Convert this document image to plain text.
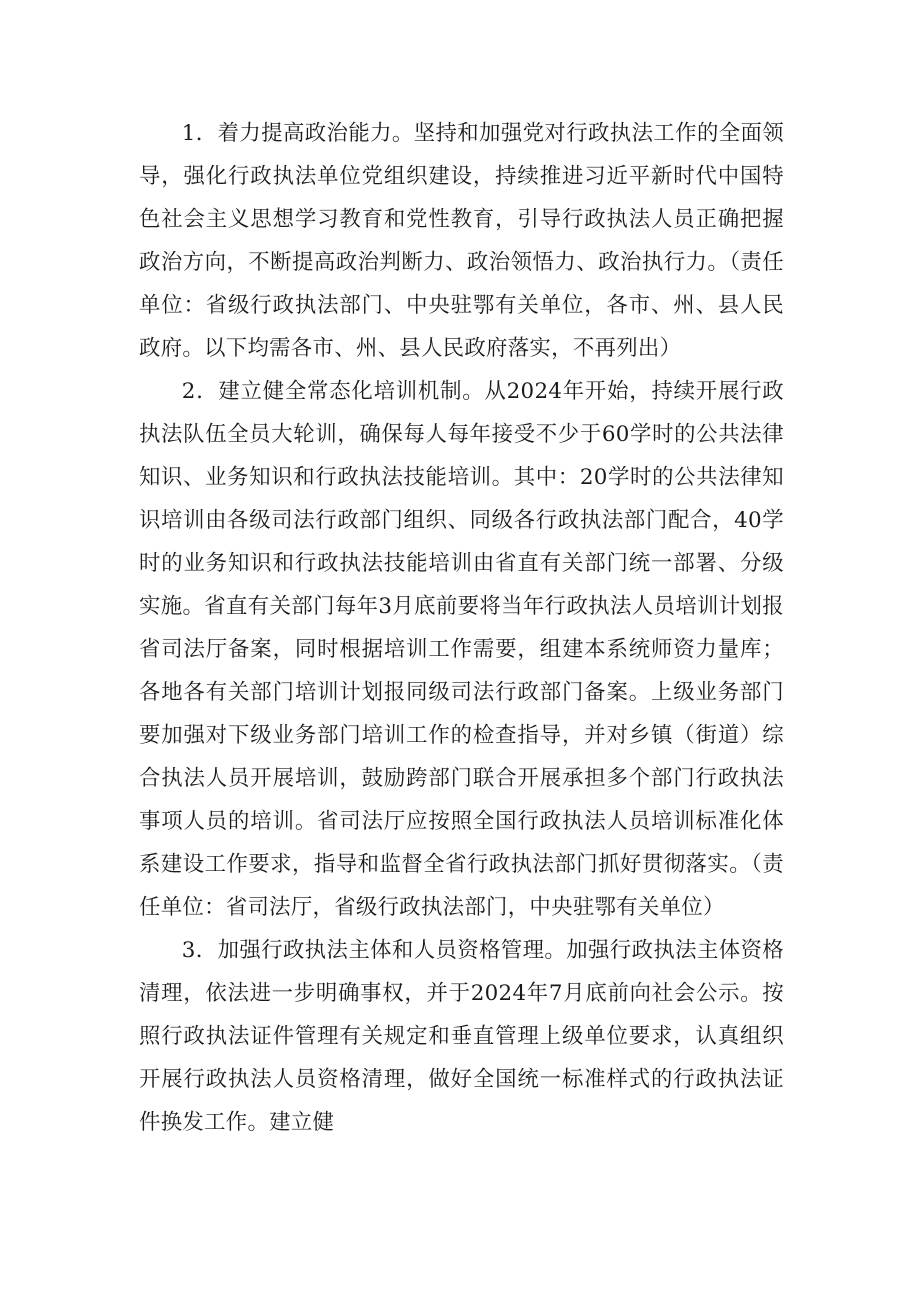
1．着力提高政治能力。坚持和加强党对行政执法工作的全面领导，强化行政执法单位党组织建设，持续推进习近平新时代中国特色社会主义思想学习教育和党性教育，引导行政执法人员正确把握政治方向，不断提高政治判断力、政治领悟力、政治执行力。（责任单位：省级行政执法部门、中央驻鄂有关单位，各市、州、县人民政府。以下均需各市、州、县人民政府落实，不再列出）

2．建立健全常态化培训机制。从2024年开始，持续开展行政执法队伍全员大轮训，确保每人每年接受不少于60学时的公共法律知识、业务知识和行政执法技能培训。其中：20学时的公共法律知识培训由各级司法行政部门组织、同级各行政执法部门配合，40学时的业务知识和行政执法技能培训由省直有关部门统一部署、分级实施。省直有关部门每年3月底前要将当年行政执法人员培训计划报省司法厅备案，同时根据培训工作需要，组建本系统师资力量库；各地各有关部门培训计划报同级司法行政部门备案。上级业务部门要加强对下级业务部门培训工作的检查指导，并对乡镇（街道）综合执法人员开展培训，鼓励跨部门联合开展承担多个部门行政执法事项人员的培训。省司法厅应按照全国行政执法人员培训标准化体系建设工作要求，指导和监督全省行政执法部门抓好贯彻落实。（责任单位：省司法厅，省级行政执法部门，中央驻鄂有关单位）

3．加强行政执法主体和人员资格管理。加强行政执法主体资格清理，依法进一步明确事权，并于2024年7月底前向社会公示。按照行政执法证件管理有关规定和垂直管理上级单位要求，认真组织开展行政执法人员资格清理，做好全国统一标准样式的行政执法证件换发工作。建立健
